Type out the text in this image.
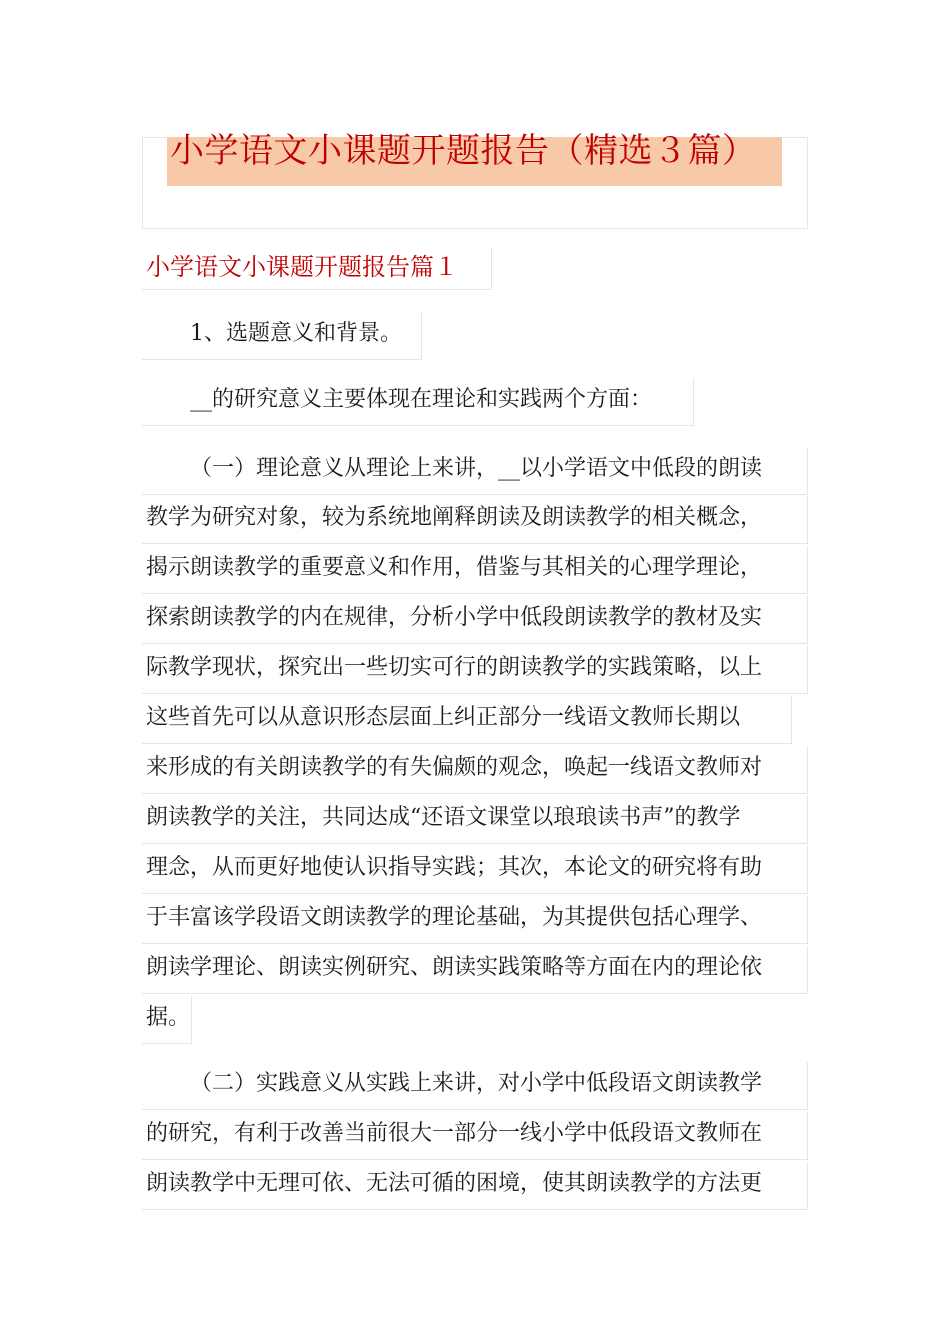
小学语文小课题开题报告（精选３篇）
小学语文小课题开题报告篇１
1、选题意义和背景。
__的研究意义主要体现在理论和实践两个方面：
（一）理论意义从理论上来讲，__以小学语文中低段的朗读
教学为研究对象，较为系统地阐释朗读及朗读教学的相关概念，
揭示朗读教学的重要意义和作用，借鉴与其相关的心理学理论，
探索朗读教学的内在规律，分析小学中低段朗读教学的教材及实
际教学现状，探究出一些切实可行的朗读教学的实践策略，以上
这些首先可以从意识形态层面上纠正部分一线语文教师长期以
来形成的有关朗读教学的有失偏颇的观念，唤起一线语文教师对
朗读教学的关注，共同达成“还语文课堂以琅琅读书声”的教学
理念，从而更好地使认识指导实践；其次，本论文的研究将有助
于丰富该学段语文朗读教学的理论基础，为其提供包括心理学、
朗读学理论、朗读实例研究、朗读实践策略等方面在内的理论依
据。
（二）实践意义从实践上来讲，对小学中低段语文朗读教学
的研究，有利于改善当前很大一部分一线小学中低段语文教师在
朗读教学中无理可依、无法可循的困境，使其朗读教学的方法更
